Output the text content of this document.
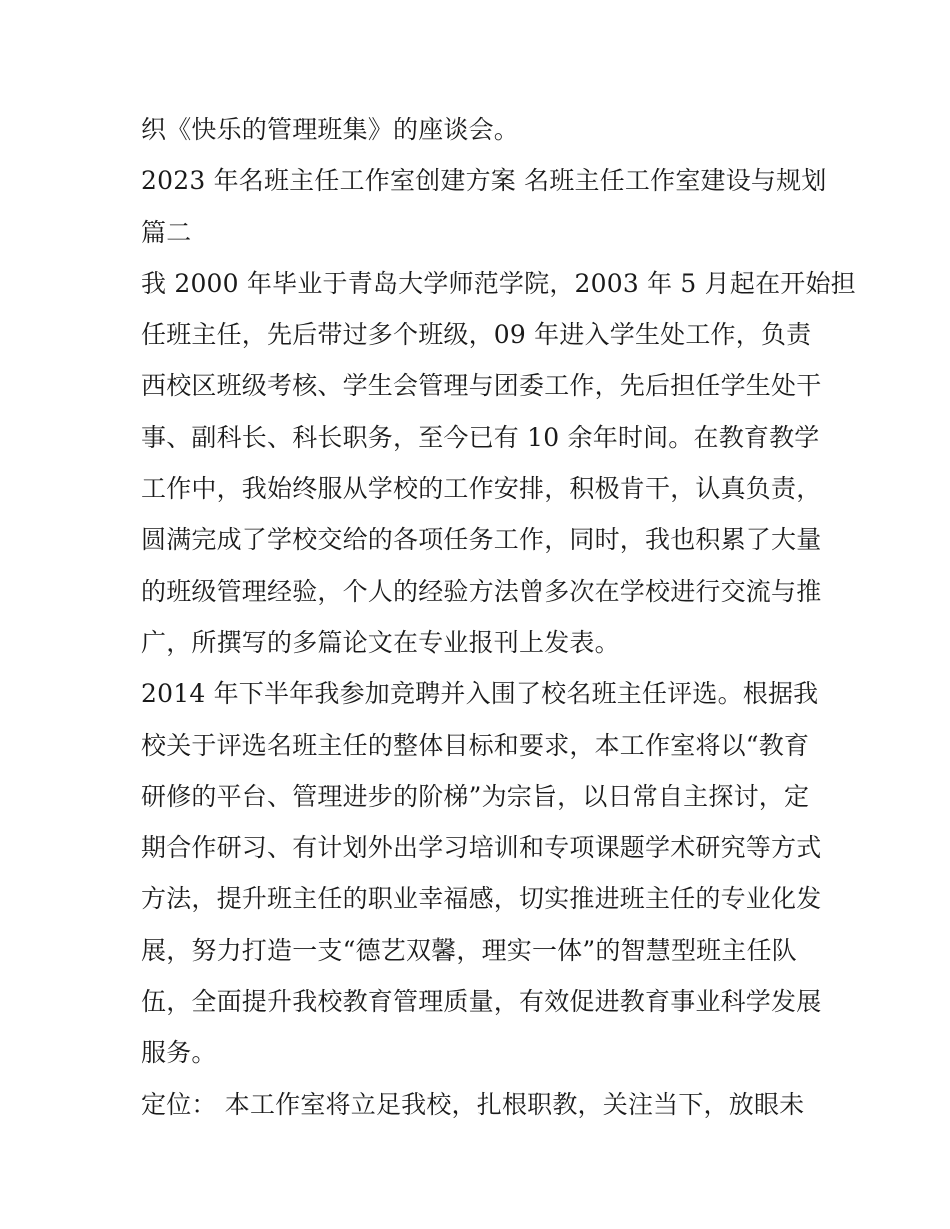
织《快乐的管理班集》的座谈会。
2023 年名班主任工作室创建方案 名班主任工作室建设与规划
篇二
我 2000 年毕业于青岛大学师范学院，2003 年 5 月起在开始担
任班主任，先后带过多个班级，09 年进入学生处工作，负责
西校区班级考核、学生会管理与团委工作，先后担任学生处干
事、副科长、科长职务，至今已有 10 余年时间。在教育教学
工作中，我始终服从学校的工作安排，积极肯干，认真负责，
圆满完成了学校交给的各项任务工作，同时，我也积累了大量
的班级管理经验，个人的经验方法曾多次在学校进行交流与推
广，所撰写的多篇论文在专业报刊上发表。
2014 年下半年我参加竞聘并入围了校名班主任评选。根据我
校关于评选名班主任的整体目标和要求，本工作室将以“教育
研修的平台、管理进步的阶梯”为宗旨，以日常自主探讨，定
期合作研习、有计划外出学习培训和专项课题学术研究等方式
方法，提升班主任的职业幸福感，切实推进班主任的专业化发
展，努力打造一支“德艺双馨，理实一体”的智慧型班主任队
伍，全面提升我校教育管理质量，有效促进教育事业科学发展
服务。
定位： 本工作室将立足我校，扎根职教，关注当下，放眼未
